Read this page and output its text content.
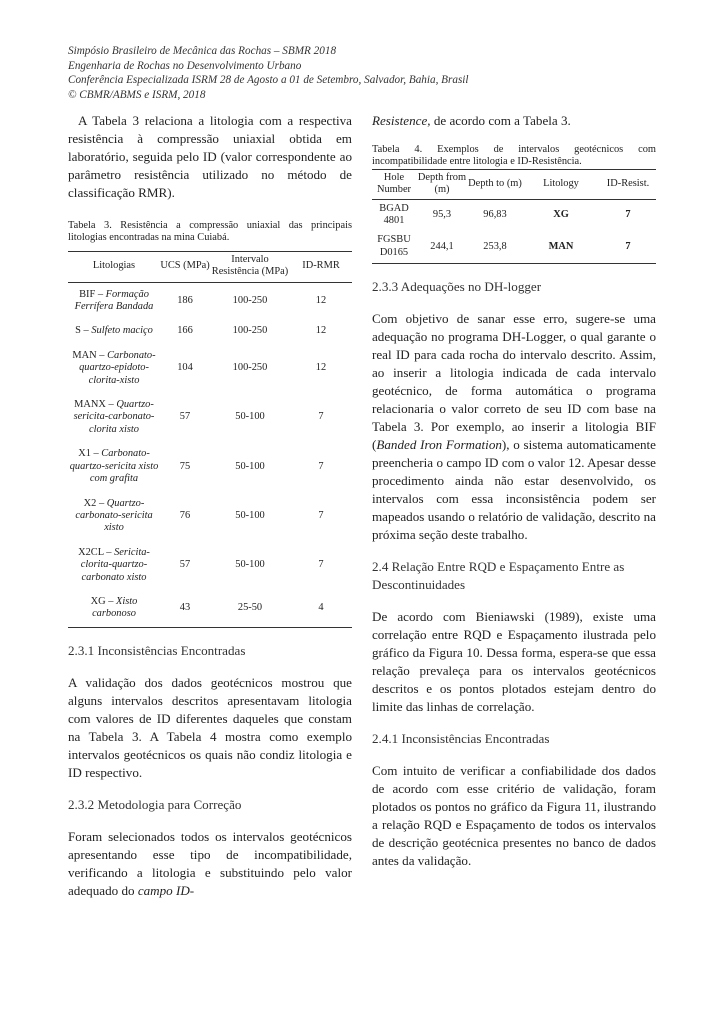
Simpósio Brasileiro de Mecânica das Rochas – SBMR 2018
Engenharia de Rochas no Desenvolvimento Urbano
Conferência Especializada ISRM 28 de Agosto a 01 de Setembro, Salvador, Bahia, Brasil
© CBMR/ABMS e ISRM, 2018

A Tabela 3 relaciona a litologia com a respectiva resistência à compressão uniaxial obtida em laboratório, seguida pelo ID (valor correspondente ao parâmetro resistência utilizado no método de classificação RMR).

Tabela 3. Resistência a compressão uniaxial das principais litologias encontradas na mina Cuiabá.

Litologias	UCS (MPa)	Intervalo Resistência (MPa)	ID-RMR
BIF – Formação Ferrífera Bandada	186	100-250	12
S – Sulfeto maciço	166	100-250	12
MAN – Carbonato-quartzo-epidoto-clorita-xisto	104	100-250	12
MANX – Quartzo-sericita-carbonato-clorita xisto	57	50-100	7
X1 – Carbonato-quartzo-sericita xisto com grafita	75	50-100	7
X2 – Quartzo-carbonato-sericita xisto	76	50-100	7
X2CL – Sericita-clorita-quartzo-carbonato xisto	57	50-100	7
XG – Xisto carbonoso	43	25-50	4
2.3.1 Inconsistências Encontradas

A validação dos dados geotécnicos mostrou que alguns intervalos descritos apresentavam litologia com valores de ID diferentes daqueles que constam na Tabela 3. A Tabela 4 mostra como exemplo intervalos geotécnicos os quais não condiz litologia e ID respectivo.

2.3.2 Metodologia para Correção

Foram selecionados todos os intervalos geotécnicos apresentando esse tipo de incompatibilidade, verificando a litologia e substituindo pelo valor adequado do campo ID-

Resistence, de acordo com a Tabela 3.

Tabela 4. Exemplos de intervalos geotécnicos com incompatibilidade entre litologia e ID-Resistência.

Hole Number	Depth from (m)	Depth to (m)	Litology	ID-Resist.
BGAD 4801	95,3	96,83	XG	7
FGSBU D0165	244,1	253,8	MAN	7
2.3.3 Adequações no DH-logger

Com objetivo de sanar esse erro, sugere-se uma adequação no programa DH-Logger, o qual garante o real ID para cada rocha do intervalo descrito. Assim, ao inserir a litologia indicada de cada intervalo geotécnico, de forma automática o programa relacionaria o valor correto de seu ID com base na Tabela 3. Por exemplo, ao inserir a litologia BIF (Banded Iron Formation), o sistema automaticamente preencheria o campo ID com o valor 12. Apesar desse procedimento ainda não estar desenvolvido, os intervalos com essa inconsistência podem ser mapeados usando o relatório de validação, descrito na próxima seção deste trabalho.

2.4 Relação Entre RQD e Espaçamento Entre as Descontinuidades

De acordo com Bieniawski (1989), existe uma correlação entre RQD e Espaçamento ilustrada pelo gráfico da Figura 10. Dessa forma, espera-se que essa relação prevaleça para os intervalos geotécnicos descritos e os pontos plotados estejam dentro do limite das linhas de correlação.

2.4.1 Inconsistências Encontradas

Com intuito de verificar a confiabilidade dos dados de acordo com esse critério de validação, foram plotados os pontos no gráfico da Figura 11, ilustrando a relação RQD e Espaçamento de todos os intervalos de descrição geotécnica presentes no banco de dados antes da validação.
